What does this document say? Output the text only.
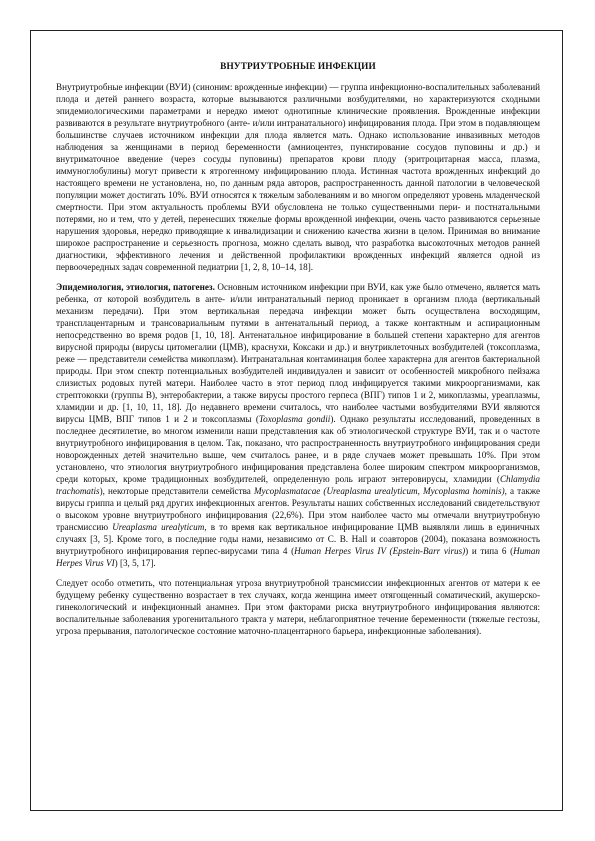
ВНУТРИУТРОБНЫЕ ИНФЕКЦИИ

Внутриутробные инфекции (ВУИ) (синоним: врожденные инфекции) — группа инфекционно-воспалительных заболеваний плода и детей раннего возраста, которые вызываются различными возбудителями, но характеризуются сходными эпидемиологическими параметрами и нередко имеют однотипные клинические проявления. Врожденные инфекции развиваются в результате внутриутробного (анте- и/или интранатального) инфицирования плода. При этом в подавляющем большинстве случаев источником инфекции для плода является мать. Однако использование инвазивных методов наблюдения за женщинами в период беременности (амниоцентез, пунктирование сосудов пуповины и др.) и внутриматочное введение (через сосуды пуповины) препаратов крови плоду (эритроцитарная масса, плазма, иммуноглобулины) могут привести к ятрогенному инфицированию плода. Истинная частота врожденных инфекций до настоящего времени не установлена, но, по данным ряда авторов, распространенность данной патологии в человеческой популяции может достигать 10%. ВУИ относятся к тяжелым заболеваниям и во многом определяют уровень младенческой смертности. При этом актуальность проблемы ВУИ обусловлена не только существенными пери- и постнатальными потерями, но и тем, что у детей, перенесших тяжелые формы врожденной инфекции, очень часто развиваются серьезные нарушения здоровья, нередко приводящие к инвалидизации и снижению качества жизни в целом. Принимая во внимание широкое распространение и серьезность прогноза, можно сделать вывод, что разработка высокоточных методов ранней диагностики, эффективного лечения и действенной профилактики врожденных инфекций является одной из первоочередных задач современной педиатрии [1, 2, 8, 10–14, 18].

Эпидемиология, этиология, патогенез. Основным источником инфекции при ВУИ, как уже было отмечено, является мать ребенка, от которой возбудитель в анте- и/или интранатальный период проникает в организм плода (вертикальный механизм передачи). При этом вертикальная передача инфекции может быть осуществлена восходящим, трансплацентарным и трансовариальным путями в антенатальный период, а также контактным и аспирационным непосредственно во время родов [1, 10, 18]. Антенатальное инфицирование в большей степени характерно для агентов вирусной природы (вирусы цитомегалии (ЦМВ), краснухи, Коксаки и др.) и внутриклеточных возбудителей (токсоплазма, реже — представители семейства микоплазм). Интранатальная контаминация более характерна для агентов бактериальной природы. При этом спектр потенциальных возбудителей индивидуален и зависит от особенностей микробного пейзажа слизистых родовых путей матери. Наиболее часто в этот период плод инфицируется такими микроорганизмами, как стрептококки (группы В), энтеробактерии, а также вирусы простого герпеса (ВПГ) типов 1 и 2, микоплазмы, уреаплазмы, хламидии и др. [1, 10, 11, 18]. До недавнего времени считалось, что наиболее частыми возбудителями ВУИ являются вирусы ЦМВ, ВПГ типов 1 и 2 и токсоплазмы (Toxoplasma gondii). Однако результаты исследований, проведенных в последнее десятилетие, во многом изменили наши представления как об этиологической структуре ВУИ, так и о частоте внутриутробного инфицирования в целом. Так, показано, что распространенность внутриутробного инфицирования среди новорожденных детей значительно выше, чем считалось ранее, и в ряде случаев может превышать 10%. При этом установлено, что этиология внутриутробного инфицирования представлена более широким спектром микроорганизмов, среди которых, кроме традиционных возбудителей, определенную роль играют энтеровирусы, хламидии (Chlamydia trachomatis), некоторые представители семейства Mycoplasmatacae (Ureaplasma urealyticum, Mycoplasma hominis), а также вирусы гриппа и целый ряд других инфекционных агентов. Результаты наших собственных исследований свидетельствуют о высоком уровне внутриутробного инфицирования (22,6%). При этом наиболее часто мы отмечали внутриутробную трансмиссию Ureaplasma urealyticum, в то время как вертикальное инфицирование ЦМВ выявляли лишь в единичных случаях [3, 5]. Кроме того, в последние годы нами, независимо от С. В. Hall и соавторов (2004), показана возможность внутриутробного инфицирования герпес-вирусами типа 4 (Human Herpes Virus IV (Epstein-Barr virus)) и типа 6 (Human Herpes Virus VI) [3, 5, 17].

Следует особо отметить, что потенциальная угроза внутриутробной трансмиссии инфекционных агентов от матери к ее будущему ребенку существенно возрастает в тех случаях, когда женщина имеет отягощенный соматический, акушерско-гинекологический и инфекционный анамнез. При этом факторами риска внутриутробного инфицирования являются: воспалительные заболевания урогенитального тракта у матери, неблагоприятное течение беременности (тяжелые гестозы, угроза прерывания, патологическое состояние маточно-плацентарного барьера, инфекционные заболевания).
